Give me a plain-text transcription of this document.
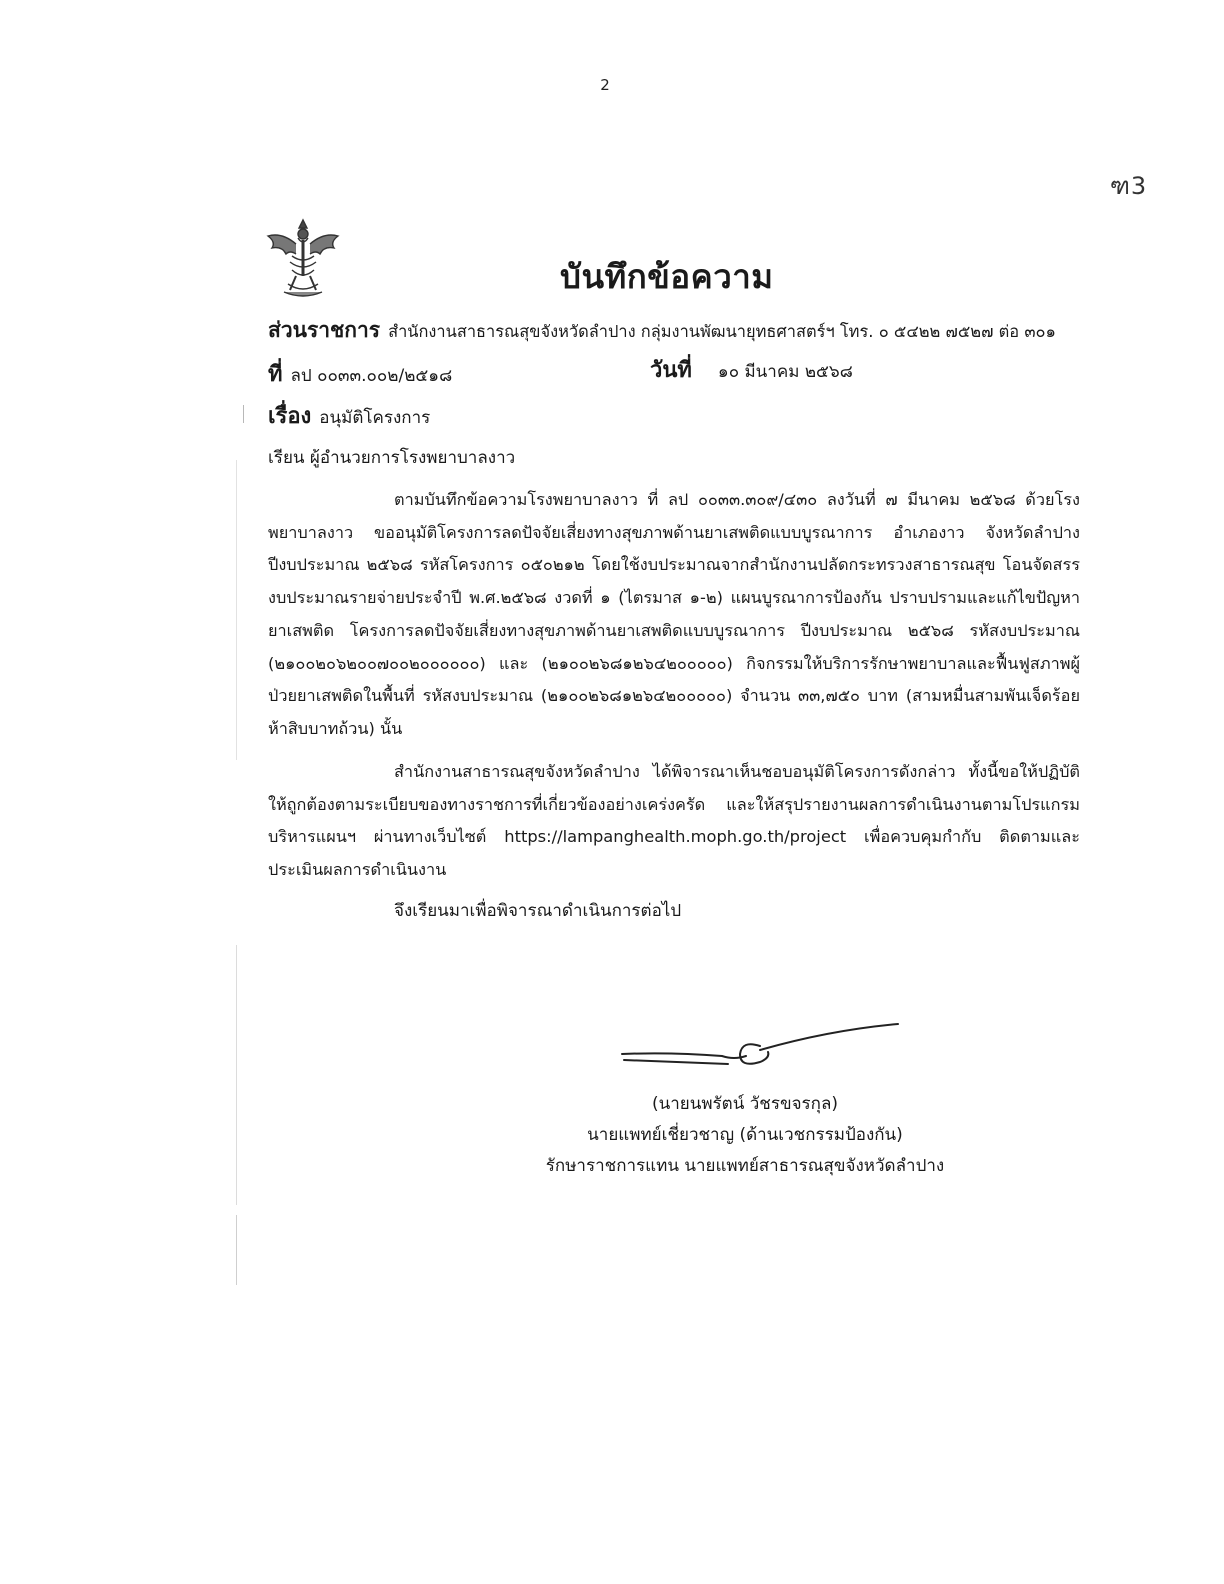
2
ฑ3
บันทึกข้อความ
ส่วนราชการ สำนักงานสาธารณสุขจังหวัดลำปาง กลุ่มงานพัฒนายุทธศาสตร์ฯ โทร. ๐ ๕๔๒๒ ๗๕๒๗ ต่อ ๓๐๑
ที่ ลป ๐๐๓๓.๐๐๒/๒๕๑๘	วันที่ ๑๐ มีนาคม ๒๕๖๘
เรื่อง อนุมัติโครงการ
เรียน ผู้อำนวยการโรงพยาบาลงาว
ตามบันทึกข้อความโรงพยาบาลงาว ที่ ลป ๐๐๓๓.๓๐๙/๔๓๐ ลงวันที่ ๗ มีนาคม ๒๕๖๘ ด้วยโรงพยาบาลงาว ขออนุมัติโครงการลดปัจจัยเสี่ยงทางสุขภาพด้านยาเสพติดแบบบูรณาการ อำเภองาว จังหวัดลำปาง ปีงบประมาณ ๒๕๖๘ รหัสโครงการ ๐๕๐๒๑๒ โดยใช้งบประมาณจากสำนักงานปลัดกระทรวงสาธารณสุข โอนจัดสรรงบประมาณรายจ่ายประจำปี พ.ศ.๒๕๖๘ งวดที่ ๑ (ไตรมาส ๑-๒) แผนบูรณาการป้องกัน ปราบปรามและแก้ไขปัญหายาเสพติด โครงการลดปัจจัยเสี่ยงทางสุขภาพด้านยาเสพติดแบบบูรณาการ ปีงบประมาณ ๒๕๖๘ รหัสงบประมาณ (๒๑๐๐๒๐๖๒๐๐๗๐๐๒๐๐๐๐๐๐) และ (๒๑๐๐๒๖๘๑๒๖๔๒๐๐๐๐๐) กิจกรรมให้บริการรักษาพยาบาลและฟื้นฟูสภาพผู้ป่วยยาเสพติดในพื้นที่ รหัสงบประมาณ (๒๑๐๐๒๖๘๑๒๖๔๒๐๐๐๐๐) จำนวน ๓๓,๗๕๐ บาท (สามหมื่นสามพันเจ็ดร้อยห้าสิบบาทถ้วน) นั้น
สำนักงานสาธารณสุขจังหวัดลำปาง ได้พิจารณาเห็นชอบอนุมัติโครงการดังกล่าว ทั้งนี้ขอให้ปฏิบัติให้ถูกต้องตามระเบียบของทางราชการที่เกี่ยวข้องอย่างเคร่งครัด และให้สรุปรายงานผลการดำเนินงานตามโปรแกรมบริหารแผนฯ ผ่านทางเว็บไซต์ https://lampanghealth.moph.go.th/project เพื่อควบคุมกำกับ ติดตามและประเมินผลการดำเนินงาน
จึงเรียนมาเพื่อพิจารณาดำเนินการต่อไป
(นายนพรัตน์ วัชรขจรกุล)
นายแพทย์เชี่ยวชาญ (ด้านเวชกรรมป้องกัน)
รักษาราชการแทน นายแพทย์สาธารณสุขจังหวัดลำปาง
